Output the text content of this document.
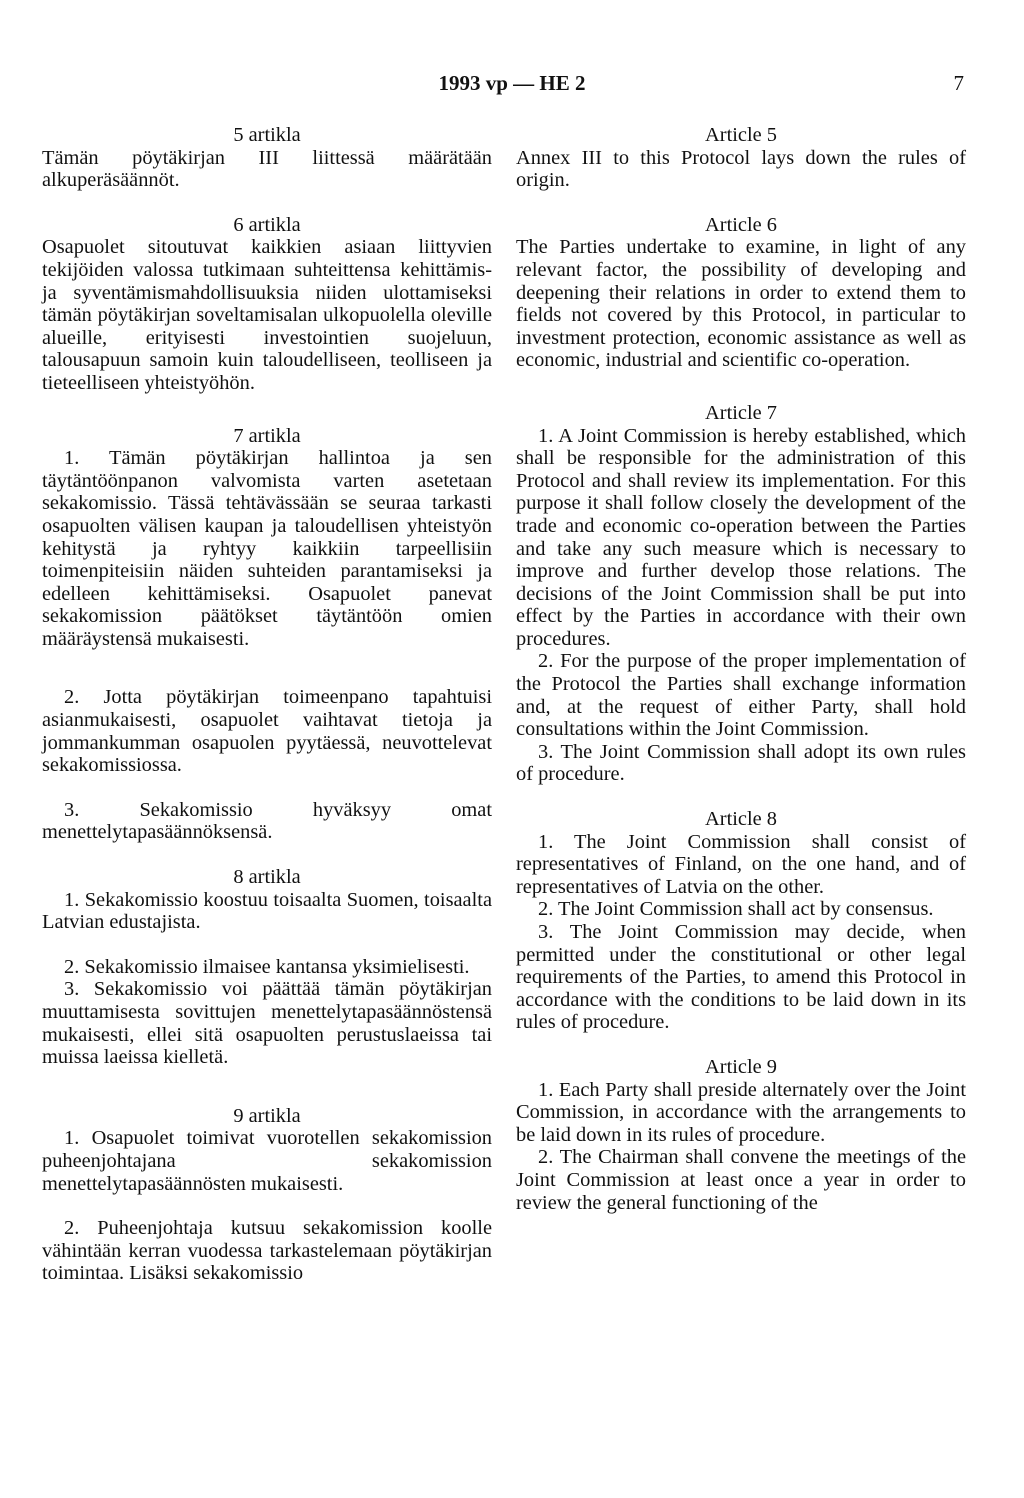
1993 vp — HE 2	7
5 artikla
Tämän pöytäkirjan III liittessä määrätään alkuperäsäännöt.
6 artikla
Osapuolet sitoutuvat kaikkien asiaan liittyvien tekijöiden valossa tutkimaan suhteittensa kehittämis- ja syventämismahdollisuuksia niiden ulottamiseksi tämän pöytäkirjan soveltamisalan ulkopuolella oleville alueille, erityisesti investointien suojeluun, talousapuun samoin kuin taloudelliseen, teolliseen ja tieteelliseen yhteistyöhön.
7 artikla
1. Tämän pöytäkirjan hallintoa ja sen täytäntöönpanon valvomista varten asetetaan sekakomissio. Tässä tehtävässään se seuraa tarkasti osapuolten välisen kaupan ja taloudellisen yhteistyön kehitystä ja ryhtyy kaikkiin tarpeellisiin toimenpiteisiin näiden suhteiden parantamiseksi ja edelleen kehittämiseksi. Osapuolet panevat sekakomission päätökset täytäntöön omien määräystensä mukaisesti.
2. Jotta pöytäkirjan toimeenpano tapahtuisi asianmukaisesti, osapuolet vaihtavat tietoja ja jommankumman osapuolen pyytäessä, neuvottelevat sekakomissiossa.
3. Sekakomissio hyväksyy omat menettelytapasäännöksensä.
8 artikla
1. Sekakomissio koostuu toisaalta Suomen, toisaalta Latvian edustajista.
2. Sekakomissio ilmaisee kantansa yksimielisesti.
3. Sekakomissio voi päättää tämän pöytäkirjan muuttamisesta sovittujen menettelytapasäännöstensä mukaisesti, ellei sitä osapuolten perustuslaeissa tai muissa laeissa kielletä.
9 artikla
1. Osapuolet toimivat vuorotellen sekakomission puheenjohtajana sekakomission menettelytapasäännösten mukaisesti.
2. Puheenjohtaja kutsuu sekakomission koolle vähintään kerran vuodessa tarkastelemaan pöytäkirjan toimintaa. Lisäksi sekakomissio
Article 5
Annex III to this Protocol lays down the rules of origin.
Article 6
The Parties undertake to examine, in light of any relevant factor, the possibility of developing and deepening their relations in order to extend them to fields not covered by this Protocol, in particular to investment protection, economic assistance as well as economic, industrial and scientific co-operation.
Article 7
1. A Joint Commission is hereby established, which shall be responsible for the administration of this Protocol and shall review its implementation. For this purpose it shall follow closely the development of the trade and economic co-operation between the Parties and take any such measure which is necessary to improve and further develop those relations. The decisions of the Joint Commission shall be put into effect by the Parties in accordance with their own procedures.
2. For the purpose of the proper implementation of the Protocol the Parties shall exchange information and, at the request of either Party, shall hold consultations within the Joint Commission.
3. The Joint Commission shall adopt its own rules of procedure.
Article 8
1. The Joint Commission shall consist of representatives of Finland, on the one hand, and of representatives of Latvia on the other.
2. The Joint Commission shall act by consensus.
3. The Joint Commission may decide, when permitted under the constitutional or other legal requirements of the Parties, to amend this Protocol in accordance with the conditions to be laid down in its rules of procedure.
Article 9
1. Each Party shall preside alternately over the Joint Commission, in accordance with the arrangements to be laid down in its rules of procedure.
2. The Chairman shall convene the meetings of the Joint Commission at least once a year in order to review the general functioning of the
